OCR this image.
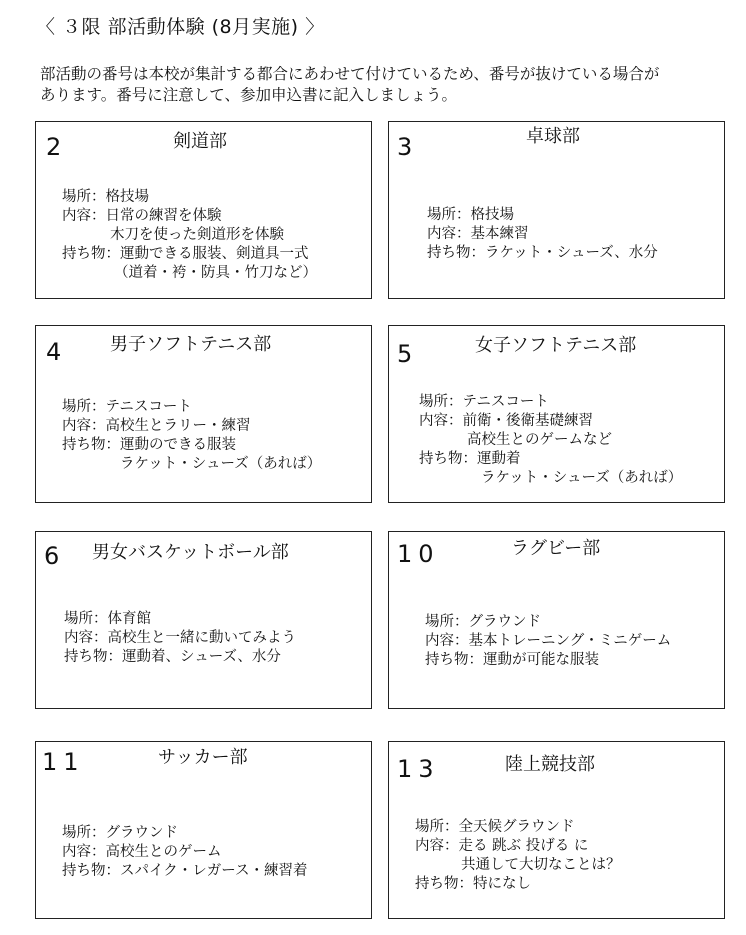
〈 ３限 部活動体験 (8月実施) 〉
部活動の番号は本校が集計する都合にあわせて付けているため、番号が抜けている場合が
あります。番号に注意して、参加申込書に記入しましょう。
2	剣道部
場所： 格技場
内容： 日常の練習を体験
木刀を使った剣道形を体験
持ち物： 運動できる服装、剣道具一式
（道着・袴・防具・竹刀など）
3	卓球部
場所： 格技場
内容： 基本練習
持ち物： ラケット・シューズ、水分
4 男子ソフトテニス部
場所： テニスコート
内容： 高校生とラリー・練習
持ち物： 運動のできる服装
ラケット・シューズ（あれば）
5	女子ソフトテニス部
場所： テニスコート
内容： 前衛・後衛基礎練習
高校生とのゲームなど
持ち物： 運動着
ラケット・シューズ（あれば）
6 男女バスケットボール部
場所： 体育館
内容： 高校生と一緒に動いてみよう
持ち物： 運動着、シューズ、水分
10	ラグビー部
場所： グラウンド
内容： 基本トレーニング・ミニゲーム
持ち物： 運動が可能な服装
11	サッカー部
場所： グラウンド
内容： 高校生とのゲーム
持ち物： スパイク・レガース・練習着
13	陸上競技部
場所： 全天候グラウンド
内容： 走る 跳ぶ 投げる に
共通して大切なことは？
持ち物： 特になし
